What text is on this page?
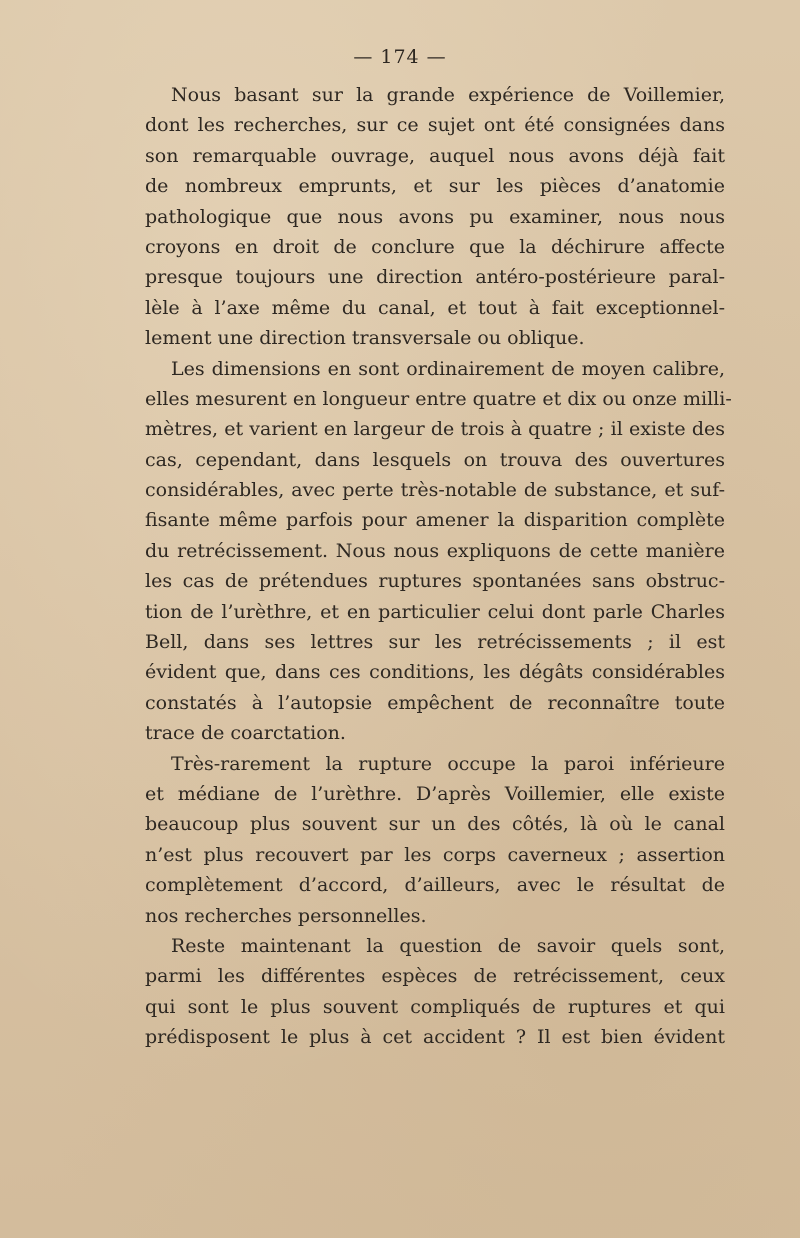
— 174 —
Nous basant sur la grande expérience de Voillemier,
dont les recherches, sur ce sujet ont été consignées dans
son remarquable ouvrage, auquel nous avons déjà fait
de nombreux emprunts, et sur les pièces d’anatomie
pathologique que nous avons pu examiner, nous nous
croyons en droit de conclure que la déchirure affecte
presque toujours une direction antéro-postérieure paral-
lèle à l’axe même du canal, et tout à fait exceptionnel-
lement une direction transversale ou oblique.
Les dimensions en sont ordinairement de moyen calibre,
elles mesurent en longueur entre quatre et dix ou onze milli-
mètres, et varient en largeur de trois à quatre ; il existe des
cas, cependant, dans lesquels on trouva des ouvertures
considérables, avec perte très-notable de substance, et suf-
fisante même parfois pour amener la disparition complète
du retrécissement. Nous nous expliquons de cette manière
les cas de prétendues ruptures spontanées sans obstruc-
tion de l’urèthre, et en particulier celui dont parle Charles
Bell, dans ses lettres sur les retrécissements ; il est
évident que, dans ces conditions, les dégâts considérables
constatés à l’autopsie empêchent de reconnaître toute
trace de coarctation.
Très-rarement la rupture occupe la paroi inférieure
et médiane de l’urèthre. D’après Voillemier, elle existe
beaucoup plus souvent sur un des côtés, là où le canal
n’est plus recouvert par les corps caverneux ; assertion
complètement d’accord, d’ailleurs, avec le résultat de
nos recherches personnelles.
Reste maintenant la question de savoir quels sont,
parmi les différentes espèces de retrécissement, ceux
qui sont le plus souvent compliqués de ruptures et qui
prédisposent le plus à cet accident ? Il est bien évident
